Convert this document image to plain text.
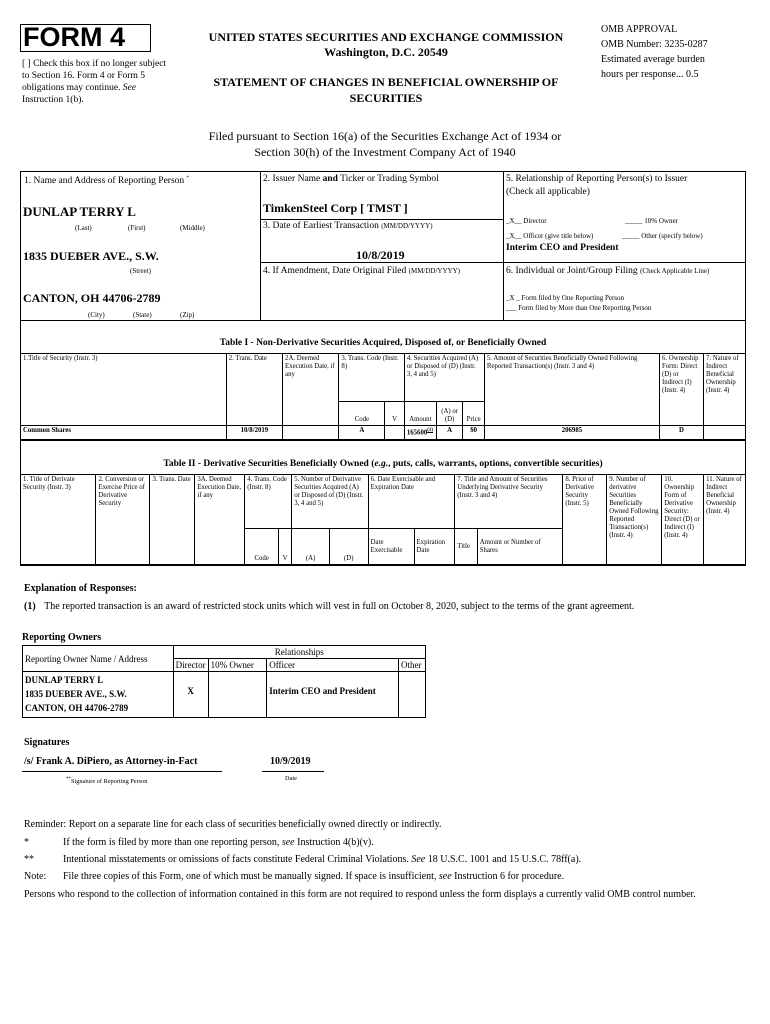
FORM 4
[ ] Check this box if no longer subject to Section 16. Form 4 or Form 5 obligations may continue. See Instruction 1(b).
UNITED STATES SECURITIES AND EXCHANGE COMMISSION
Washington, D.C. 20549
STATEMENT OF CHANGES IN BENEFICIAL OWNERSHIP OF SECURITIES
OMB APPROVAL
OMB Number: 3235-0287
Estimated average burden
hours per response... 0.5
Filed pursuant to Section 16(a) of the Securities Exchange Act of 1934 or
Section 30(h) of the Investment Company Act of 1940
1. Name and Address of Reporting Person *
DUNLAP TERRY L
(Last)	(First)	(Middle)
1835 DUEBER AVE., S.W.
(Street)
CANTON, OH 44706-2789
(City)	(State)	(Zip)
2. Issuer Name and Ticker or Trading Symbol
TimkenSteel Corp [ TMST ]
3. Date of Earliest Transaction (MM/DD/YYYY)
10/8/2019
4. If Amendment, Date Original Filed (MM/DD/YYYY)
5. Relationship of Reporting Person(s) to Issuer
(Check all applicable)
_X__ Director	_____ 10% Owner
_X__ Officer (give title below)	_____ Other (specify below)
Interim CEO and President
6. Individual or Joint/Group Filing (Check Applicable Line)
_X _ Form filed by One Reporting Person
___ Form filed by More than One Reporting Person
Table I - Non-Derivative Securities Acquired, Disposed of, or Beneficially Owned
1.Title of Security (Instr. 3)	2. Trans. Date	2A. Deemed Execution Date, if any	3. Trans. Code (Instr. 8)		4. Securities Acquired (A) or Disposed of (D) (Instr. 3, 4 and 5)			5. Amount of Securities Beneficially Owned Following Reported Transaction(s) (Instr. 3 and 4)	6. Ownership Form: Direct (D) or Indirect (I) (Instr. 4)	7. Nature of Indirect Beneficial Ownership (Instr. 4)
			Code	V	Amount	(A) or (D)	Price			
Common Shares	10/8/2019		A		165600$^{(1)}$	A	$0	206985	D	
Table II - Derivative Securities Beneficially Owned (e.g., puts, calls, warrants, options, convertible securities)
1. Title of Derivate Security (Instr. 3)	2. Conversion or Exercise Price of Derivative Security	3. Trans. Date	3A. Deemed Execution Date, if any	4. Trans. Code (Instr. 8)		5. Number of Derivative Securities Acquired (A) or Disposed of (D) (Instr. 3, 4 and 5)		6. Date Exercisable and Expiration Date		7. Title and Amount of Securities Underlying Derivative Security (Instr. 3 and 4)		8. Price of Derivative Security (Instr. 5)	9. Number of derivative Securities Beneficially Owned Following Reported Transaction(s) (Instr. 4)	10. Ownership Form of Derivative Security: Direct (D) or Indirect (I) (Instr. 4)	11. Nature of Indirect Beneficial Ownership (Instr. 4)
				Code	V	(A)	(D)	Date Exercisable	Expiration Date	Title	Amount or Number of Shares				
Explanation of Responses:
(1) The reported transaction is an award of restricted stock units which will vest in full on October 8, 2020, subject to the terms of the grant agreement.
Reporting Owners
Reporting Owner Name / Address	Relationships			
	Director	10% Owner	Officer	Other

DUNLAP TERRY L
1835 DUEBER AVE., S.W.
CANTON, OH 44706-2789	X		Interim CEO and President	
Signatures
/s/ Frank A. DiPiero, as Attorney-in-Fact	10/9/2019
**Signature of Reporting Person	Date
Reminder: Report on a separate line for each class of securities beneficially owned directly or indirectly.
*	If the form is filed by more than one reporting person, see Instruction 4(b)(v).
**	Intentional misstatements or omissions of facts constitute Federal Criminal Violations. See 18 U.S.C. 1001 and 15 U.S.C. 78ff(a).
Note: File three copies of this Form, one of which must be manually signed. If space is insufficient, see Instruction 6 for procedure.
Persons who respond to the collection of information contained in this form are not required to respond unless the form displays a currently valid OMB control number.
